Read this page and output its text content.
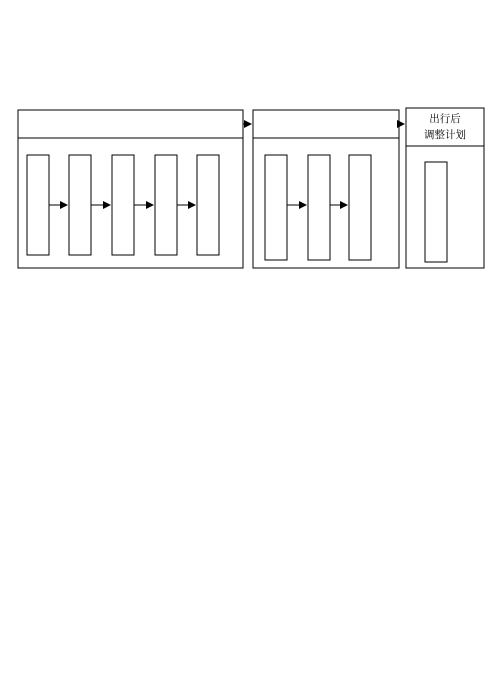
出行后
调整计划
